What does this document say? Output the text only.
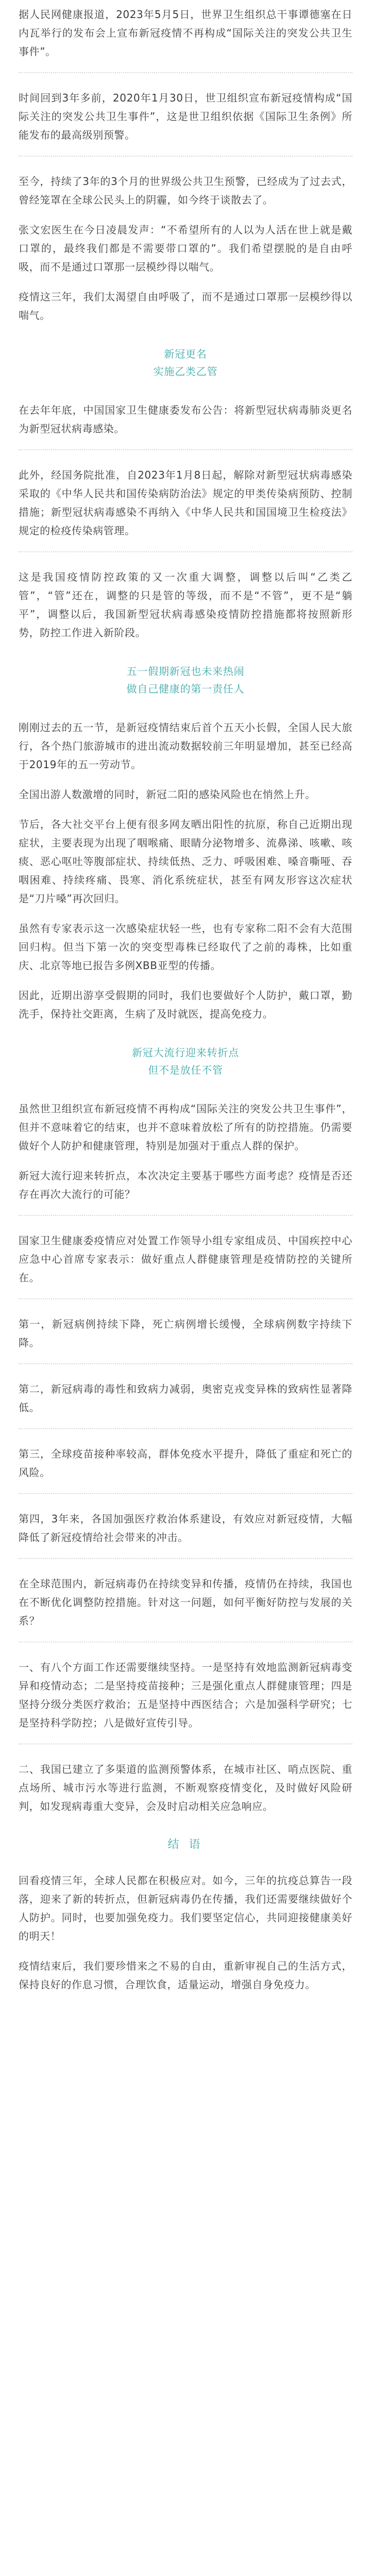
据人民网健康报道，2023年5月5日，世界卫生组织总干事谭德塞在日内瓦举行的发布会上宣布新冠疫情不再构成“国际关注的突发公共卫生事件”。

时间回到3年多前，2020年1月30日，世卫组织宣布新冠疫情构成“国际关注的突发公共卫生事件”，这是世卫组织依据《国际卫生条例》所能发布的最高级别预警。

至今，持续了3年的3个月的世界级公共卫生预警，已经成为了过去式，曾经笼罩在全球公民头上的阴霾，如今终于谈散去了。

张文宏医生在今日凌晨发声：“不希望所有的人以为人活在世上就是戴口罩的，最终我们都是不需要带口罩的”。我们希望摆脱的是自由呼吸，而不是通过口罩那一层模纱得以喘气。

疫情这三年，我们太渴望自由呼吸了，而不是通过口罩那一层模纱得以喘气。

新冠更名
实施乙类乙管

在去年年底，中国国家卫生健康委发布公告：将新型冠状病毒肺炎更名为新型冠状病毒感染。

此外，经国务院批准，自2023年1月8日起，解除对新型冠状病毒感染采取的《中华人民共和国传染病防治法》规定的甲类传染病预防、控制措施；新型冠状病毒感染不再纳入《中华人民共和国国境卫生检疫法》规定的检疫传染病管理。

这是我国疫情防控政策的又一次重大调整，调整以后叫“乙类乙管”，“管”还在，调整的只是管的等级，而不是“不管”，更不是“躺平”，调整以后，我国新型冠状病毒感染疫情防控措施都将按照新形势，防控工作进入新阶段。

五一假期新冠也未来热闹
做自己健康的第一责任人

刚刚过去的五一节，是新冠疫情结束后首个五天小长假，全国人民大旅行，各个热门旅游城市的进出流动数据较前三年明显增加，甚至已经高于2019年的五一劳动节。

全国出游人数激增的同时，新冠二阳的感染风险也在悄然上升。

节后，各大社交平台上便有很多网友晒出阳性的抗原，称自己近期出现症状，主要表现为出现了咽喉痛、眼睛分泌物增多、流鼻涕、咳嗽、咳痰、恶心呕吐等腹部症状、持续低热、乏力、呼吸困难、嗓音嘶哑、吞咽困难、持续疼痛、畏寒、消化系统症状，甚至有网友形容这次症状是“刀片嗓”再次回归。

虽然有专家表示这一次感染症状轻一些，也有专家称二阳不会有大范围回归构。但当下第一次的突变型毒株已经取代了之前的毒株，比如重庆、北京等地已报告多例XBB亚型的传播。

因此，近期出游享受假期的同时，我们也要做好个人防护，戴口罩，勤洗手，保持社交距离，生病了及时就医，提高免疫力。

新冠大流行迎来转折点
但不是放任不管

虽然世卫组织宣布新冠疫情不再构成“国际关注的突发公共卫生事件”，但并不意味着它的结束，也并不意味着放松了所有的防控措施。仍需要做好个人防护和健康管理，特别是加强对于重点人群的保护。

新冠大流行迎来转折点，本次决定主要基于哪些方面考虑？疫情是否还存在再次大流行的可能？

国家卫生健康委疫情应对处置工作领导小组专家组成员、中国疾控中心应急中心首席专家表示：做好重点人群健康管理是疫情防控的关键所在。

第一，新冠病例持续下降，死亡病例增长缓慢，全球病例数字持续下降。

第二，新冠病毒的毒性和致病力减弱，奥密克戎变异株的致病性显著降低。

第三，全球疫苗接种率较高，群体免疫水平提升，降低了重症和死亡的风险。

第四，3年来，各国加强医疗救治体系建设，有效应对新冠疫情，大幅降低了新冠疫情给社会带来的冲击。

在全球范围内，新冠病毒仍在持续变异和传播，疫情仍在持续，我国也在不断优化调整防控措施。针对这一问题，如何平衡好防控与发展的关系？

一、有八个方面工作还需要继续坚持。一是坚持有效地监测新冠病毒变异和疫情动态；二是坚持疫苗接种；三是强化重点人群健康管理；四是坚持分级分类医疗救治；五是坚持中西医结合；六是加强科学研究；七是坚持科学防控；八是做好宣传引导。

二、我国已建立了多渠道的监测预警体系，在城市社区、哨点医院、重点场所、城市污水等进行监测，不断观察疫情变化，及时做好风险研判，如发现病毒重大变异，会及时启动相关应急响应。

结 语

回看疫情三年，全球人民都在积极应对。如今，三年的抗疫总算告一段落，迎来了新的转折点，但新冠病毒仍在传播，我们还需要继续做好个人防护。同时，也要加强免疫力。我们要坚定信心，共同迎接健康美好的明天！

疫情结束后，我们要珍惜来之不易的自由，重新审视自己的生活方式，保持良好的作息习惯，合理饮食，适量运动，增强自身免疫力。
